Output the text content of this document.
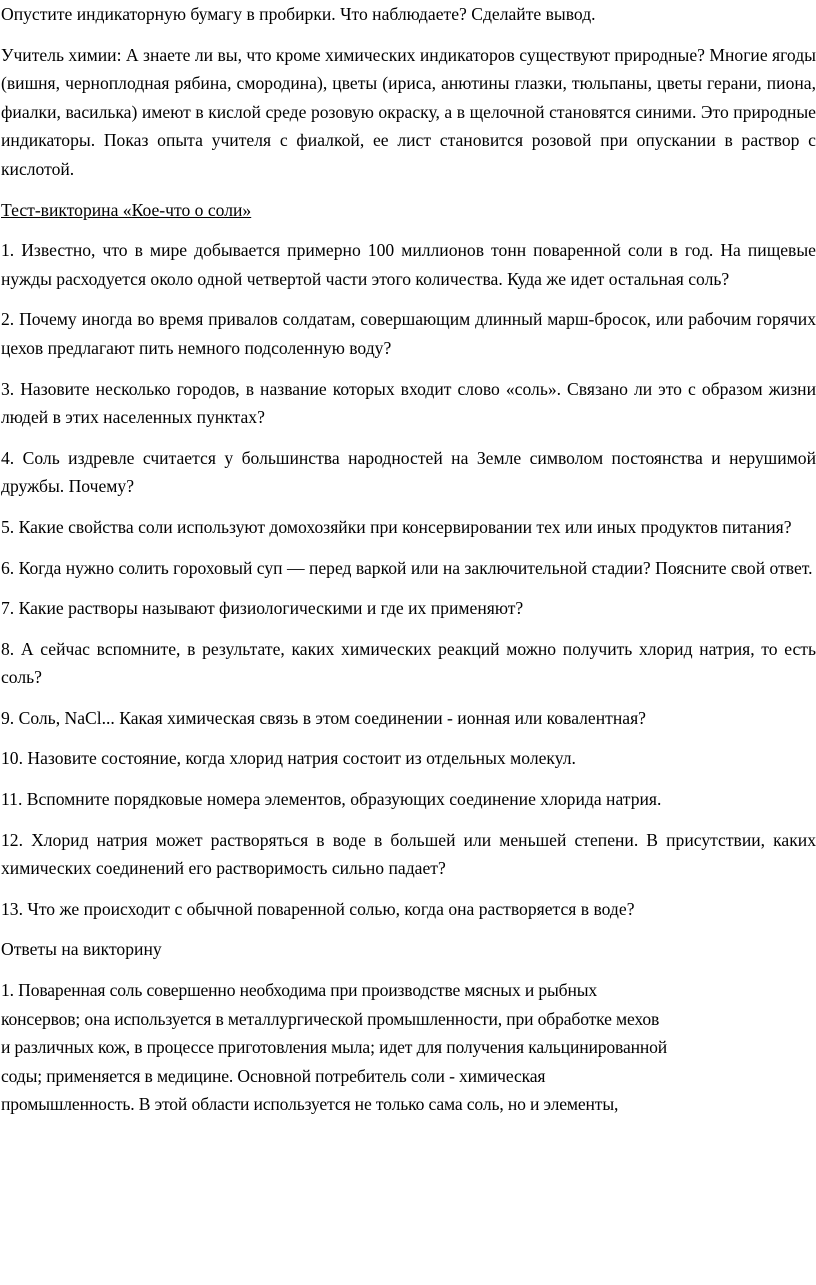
Опустите индикаторную бумагу в пробирки. Что наблюдаете? Сделайте вывод.

Учитель химии: А знаете ли вы, что кроме химических индикаторов существуют природные? Многие ягоды (вишня, черноплодная рябина, смородина), цветы (ириса, анютины глазки, тюльпаны, цветы герани, пиона, фиалки, василька) имеют в кислой среде розовую окраску, а в щелочной становятся синими. Это природные индикаторы. Показ опыта учителя с фиалкой, ее лист становится розовой при опускании в раствор с кислотой.

Тест-викторина «Кое-что о соли»

1. Известно, что в мире добывается примерно 100 миллионов тонн поваренной соли в год. На пищевые нужды расходуется около одной четвертой части этого количества. Куда же идет остальная соль?

2. Почему иногда во время привалов солдатам, совершающим длинный марш-бросок, или рабочим горячих цехов предлагают пить немного подсоленную воду?

3. Назовите несколько городов, в название которых входит слово «соль». Связано ли это с образом жизни людей в этих населенных пунктах?

4. Соль издревле считается у большинства народностей на Земле символом постоянства и нерушимой дружбы. Почему?

5. Какие свойства соли используют домохозяйки при консервировании тех или иных продуктов питания?

6. Когда нужно солить гороховый суп — перед варкой или на заключительной стадии? Поясните свой ответ.

7. Какие растворы называют физиологическими и где их применяют?

8. А сейчас вспомните, в результате, каких химических реакций можно получить хлорид натрия, то есть соль?

9. Соль, NaCl... Какая химическая связь в этом соединении - ионная или ковалентная?

10. Назовите состояние, когда хлорид натрия состоит из отдельных молекул.

11. Вспомните порядковые номера элементов, образующих соединение хлорида натрия.

12. Хлорид натрия может растворяться в воде в большей или меньшей степени. В присутствии, каких химических соединений его растворимость сильно падает?

13. Что же происходит с обычной поваренной солью, когда она растворяется в воде?

Ответы на викторину

1. Поваренная соль совершенно необходима при производстве мясных и рыбных

консервов; она используется в металлургической промышленности, при обработке мехов

и различных кож, в процессе приготовления мыла; идет для получения кальцинированной

соды; применяется в медицине. Основной потребитель соли - химическая

промышленность. В этой области используется не только сама соль, но и элементы,
